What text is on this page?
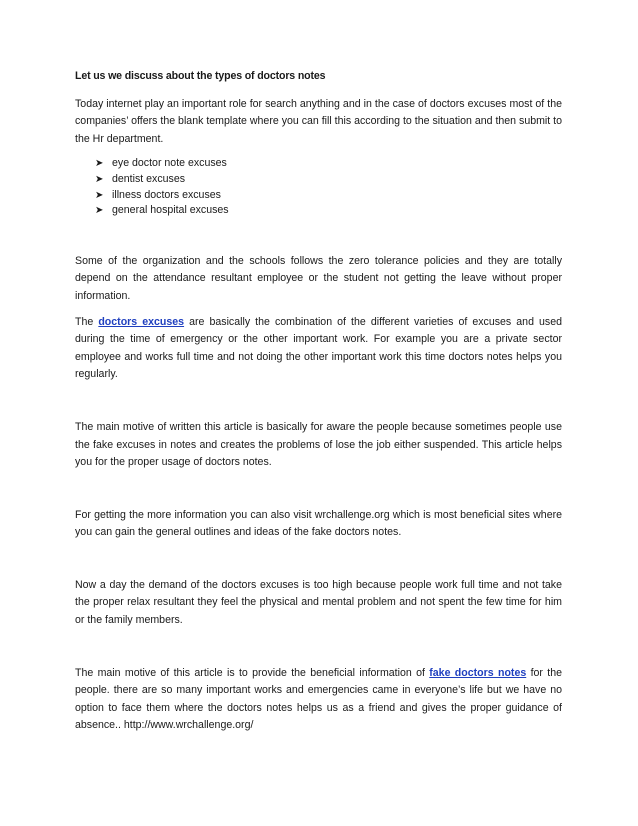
Let us we discuss about the types of doctors notes

Today internet play an important role for search anything and in the case of doctors excuses most of the companies’ offers the blank template where you can fill this according to the situation and then submit to the Hr department.

➤ eye doctor note excuses
➤ dentist excuses
➤ illness doctors excuses
➤ general hospital excuses

Some of the organization and the schools follows the zero tolerance policies and they are totally depend on the attendance resultant employee or the student not getting the leave without proper information.

The doctors excuses are basically the combination of the different varieties of excuses and used during the time of emergency or the other important work. For example you are a private sector employee and works full time and not doing the other important work this time doctors notes helps you regularly.

The main motive of written this article is basically for aware the people because sometimes people use the fake excuses in notes and creates the problems of lose the job either suspended. This article helps you for the proper usage of doctors notes.

For getting the more information you can also visit wrchallenge.org which is most beneficial sites where you can gain the general outlines and ideas of the fake doctors notes.

Now a day the demand of the doctors excuses is too high because people work full time and not take the proper relax resultant they feel the physical and mental problem and not spent the few time for him or the family members.

The main motive of this article is to provide the beneficial information of fake doctors notes for the people. there are so many important works and emergencies came in everyone’s life but we have no option to face them where the doctors notes helps us as a friend and gives the proper guidance of absence.. http://www.wrchallenge.org/
